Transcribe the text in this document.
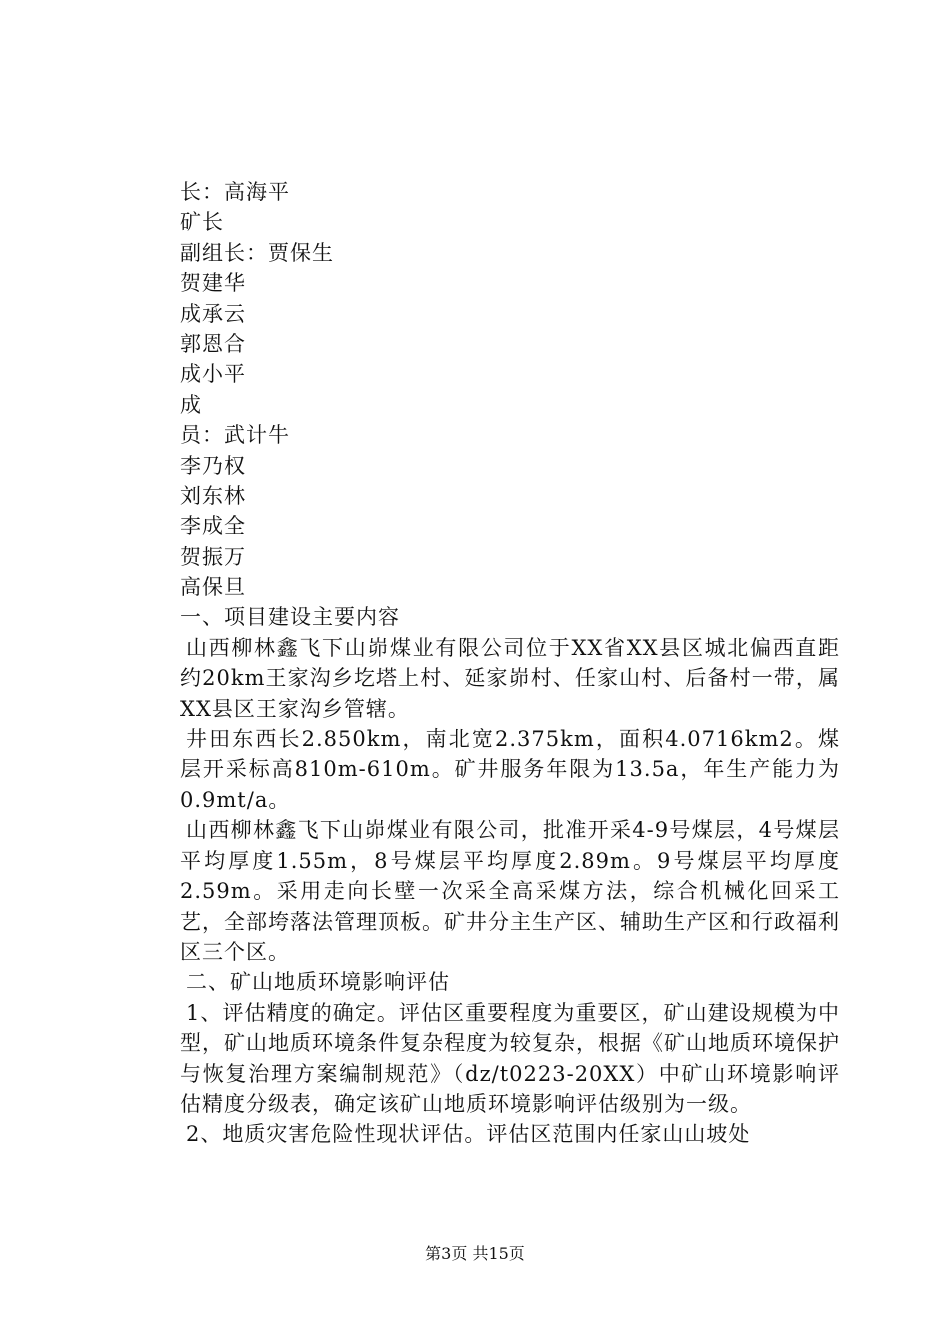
长：高海平
矿长
副组长：贾保生
贺建华
成承云
郭恩合
成小平
成
员：武计牛
李乃权
刘东林
李成全
贺振万
高保旦
一、项目建设主要内容

山西柳林鑫飞下山峁煤业有限公司位于XX省XX县区城北偏西直距约20km王家沟乡圪塔上村、延家峁村、任家山村、后备村一带，属XX县区王家沟乡管辖。

井田东西长2.850km，南北宽2.375km，面积4.0716km2。煤层开采标高810m-610m。矿井服务年限为13.5a，年生产能力为0.9mt/a。

山西柳林鑫飞下山峁煤业有限公司，批准开采4-9号煤层，4号煤层平均厚度1.55m，8号煤层平均厚度2.89m。9号煤层平均厚度2.59m。采用走向长壁一次采全高采煤方法，综合机械化回采工艺，全部垮落法管理顶板。矿井分主生产区、辅助生产区和行政福利区三个区。

二、矿山地质环境影响评估

1、评估精度的确定。评估区重要程度为重要区，矿山建设规模为中型，矿山地质环境条件复杂程度为较复杂，根据《矿山地质环境保护与恢复治理方案编制规范》（dz/t0223-20XX）中矿山环境影响评估精度分级表，确定该矿山地质环境影响评估级别为一级。

2、地质灾害危险性现状评估。评估区范围内任家山山坡处

第3页 共15页
